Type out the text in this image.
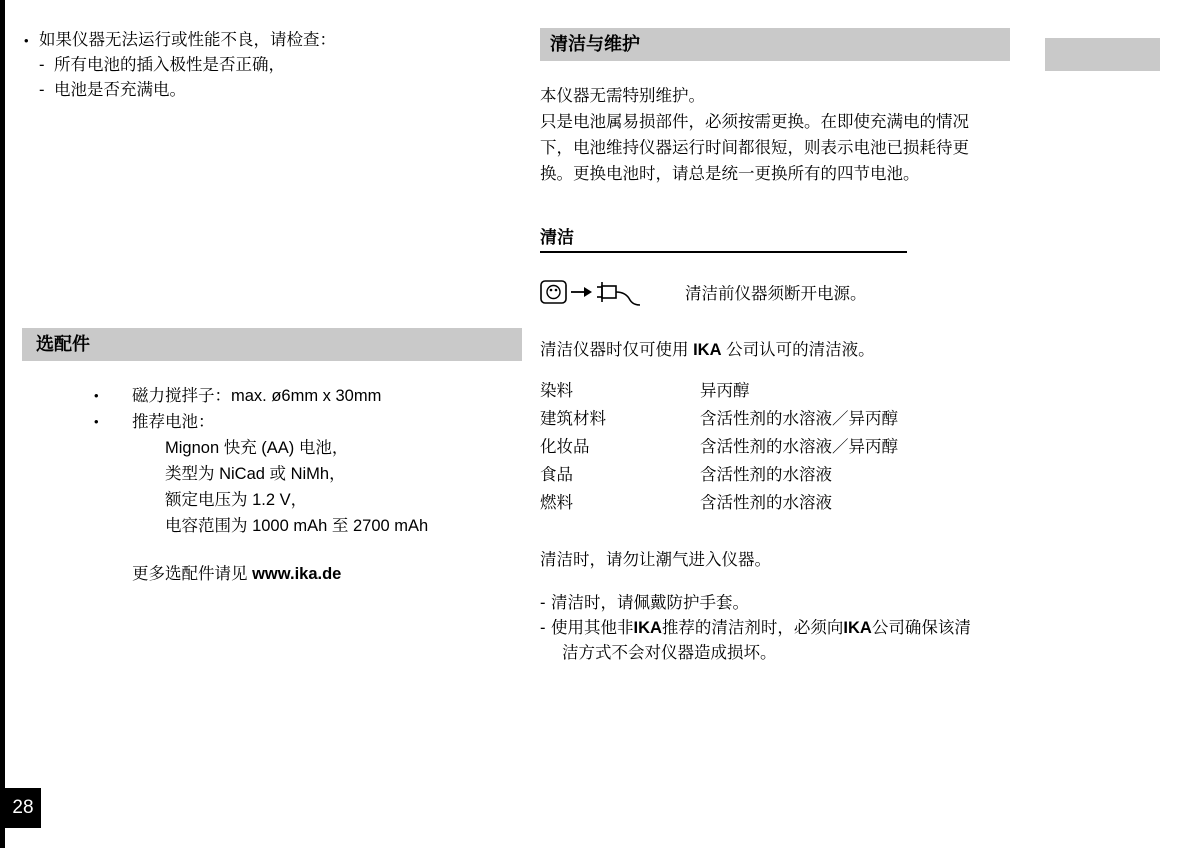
• 如果仪器无法运行或性能不良，请检查：
- 所有电池的插入极性是否正确，
- 电池是否充满电。
选配件
• 磁力搅拌子：max. ø6mm x 30mm
• 推荐电池：
Mignon 快充 (AA) 电池，
类型为 NiCad 或 NiMh，
额定电压为 1.2 V，
电容范围为 1000 mAh 至 2700 mAh
更多选配件请见 www.ika.de
清洁与维护
本仪器无需特别维护。
只是电池属易损部件，必须按需更换。在即使充满电的情况
下，电池维持仪器运行时间都很短，则表示电池已损耗待更
换。更换电池时，请总是统一更换所有的四节电池。
清洁
清洁前仪器须断开电源。
清洁仪器时仅可使用 IKA 公司认可的清洁液。
染料	异丙醇
建筑材料	含活性剂的水溶液／异丙醇
化妆品	含活性剂的水溶液／异丙醇
食品	含活性剂的水溶液
燃料	含活性剂的水溶液
清洁时，请勿让潮气进入仪器。
- 清洁时，请佩戴防护手套。
- 使用其他非IKA推荐的清洁剂时，必须向IKA公司确保该清
洁方式不会对仪器造成损坏。
28
